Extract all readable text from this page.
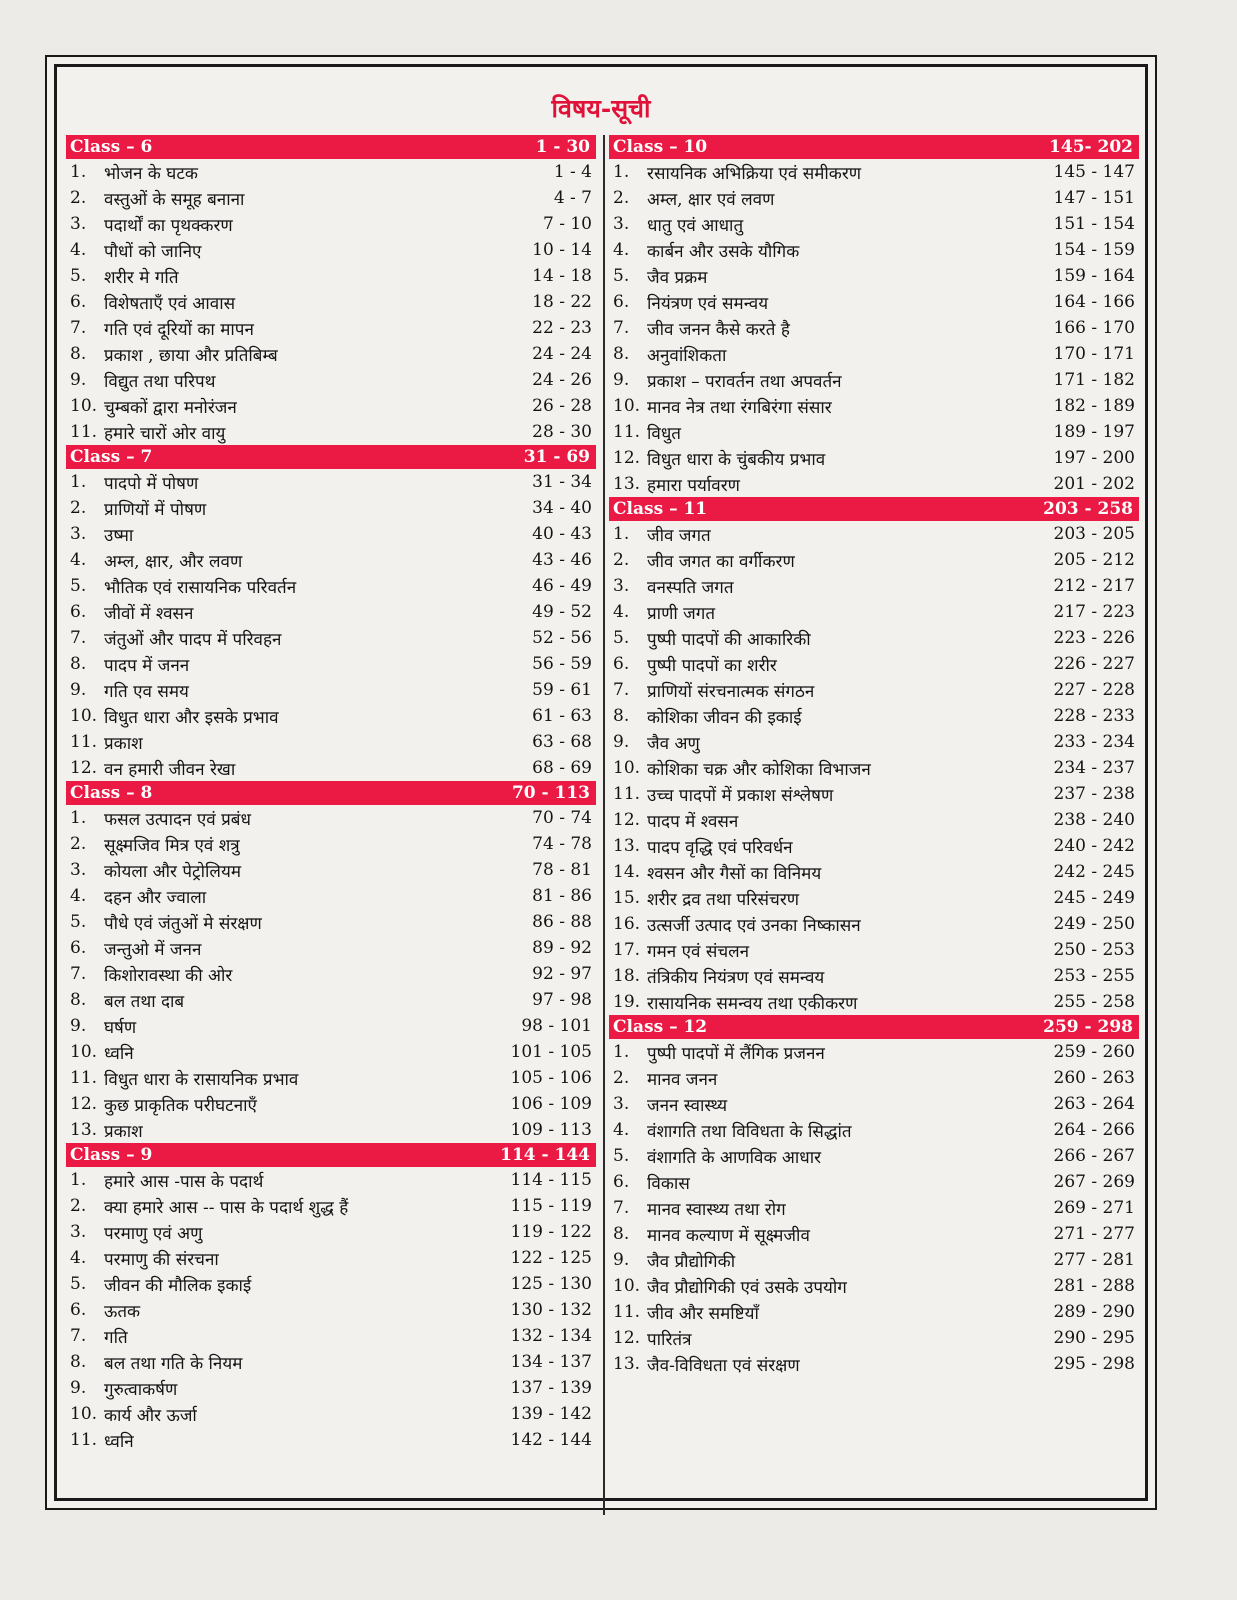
विषय-सूची
Class – 6	1 - 30
1.	भोजन के घटक	1 - 4
2.	वस्तुओं के समूह बनाना	4 - 7
3.	पदार्थों का पृथक्करण	7 - 10
4.	पौधों को जानिए	10 - 14
5.	शरीर मे गति	14 - 18
6.	विशेषताएँ एवं आवास	18 - 22
7.	गति एवं दूरियों का मापन	22 - 23
8.	प्रकाश , छाया और प्रतिबिम्ब	24 - 24
9.	विद्युत तथा परिपथ	24 - 26
10. चुम्बकों द्वारा मनोरंजन	26 - 28
11. हमारे चारों ओर वायु	28 - 30
Class – 7	31 - 69
1.	पादपो में पोषण	31 - 34
2.	प्राणियों में पोषण	34 - 40
3.	उष्मा	40 - 43
4.	अम्ल, क्षार, और लवण	43 - 46
5.	भौतिक एवं रासायनिक परिवर्तन	46 - 49
6.	जीवों में श्वसन	49 - 52
7.	जंतुओं और पादप में परिवहन	52 - 56
8.	पादप में जनन	56 - 59
9.	गति एव समय	59 - 61
10. विधुत धारा और इसके प्रभाव	61 - 63
11. प्रकाश	63 - 68
12. वन हमारी जीवन रेखा	68 - 69
Class – 8	70 - 113
1.	फसल उत्पादन एवं प्रबंध	70 - 74
2.	सूक्ष्मजिव मित्र एवं शत्रु	74 - 78
3.	कोयला और पेट्रोलियम	78 - 81
4.	दहन और ज्वाला	81 - 86
5.	पौधे एवं जंतुओं मे संरक्षण	86 - 88
6.	जन्तुओ में जनन	89 - 92
7.	किशोरावस्था की ओर	92 - 97
8.	बल तथा दाब	97 - 98
9.	घर्षण	98 - 101
10. ध्वनि	101 - 105
11. विधुत धारा के रासायनिक प्रभाव	105 - 106
12. कुछ प्राकृतिक परीघटनाएँ	106 - 109
13. प्रकाश	109 - 113
Class – 9	114 - 144
1.	हमारे आस -पास के पदार्थ	114 - 115
2.	क्या हमारे आस -- पास के पदार्थ शुद्ध हैं	115 - 119
3.	परमाणु एवं अणु	119 - 122
4.	परमाणु की संरचना	122 - 125
5.	जीवन की मौलिक इकाई	125 - 130
6.	ऊतक	130 - 132
7.	गति	132 - 134
8.	बल तथा गति के नियम	134 - 137
9.	गुरुत्वाकर्षण	137 - 139
10. कार्य और ऊर्जा	139 - 142
11. ध्वनि	142 - 144
Class – 10	145- 202
1.	रसायनिक अभिक्रिया एवं समीकरण	145 - 147
2.	अम्ल, क्षार एवं लवण	147 - 151
3.	धातु एवं आधातु	151 - 154
4.	कार्बन और उसके यौगिक	154 - 159
5.	जैव प्रक्रम	159 - 164
6.	नियंत्रण एवं समन्वय	164 - 166
7.	जीव जनन कैसे करते है	166 - 170
8.	अनुवांशिकता	170 - 171
9.	प्रकाश – परावर्तन तथा अपवर्तन	171 - 182
10. मानव नेत्र तथा रंगबिरंगा संसार	182 - 189
11. विधुत	189 - 197
12. विधुत धारा के चुंबकीय प्रभाव	197 - 200
13. हमारा पर्यावरण	201 - 202
Class – 11	203 - 258
1.	जीव जगत	203 - 205
2.	जीव जगत का वर्गीकरण	205 - 212
3.	वनस्पति जगत	212 - 217
4.	प्राणी जगत	217 - 223
5.	पुष्पी पादपों की आकारिकी	223 - 226
6.	पुष्पी पादपों का शरीर	226 - 227
7.	प्राणियों संरचनात्मक संगठन	227 - 228
8.	कोशिका जीवन की इकाई	228 - 233
9.	जैव अणु	233 - 234
10. कोशिका चक्र और कोशिका विभाजन	234 - 237
11. उच्च पादपों में प्रकाश संश्लेषण	237 - 238
12. पादप में श्वसन	238 - 240
13. पादप वृद्धि एवं परिवर्धन	240 - 242
14. श्वसन और गैसों का विनिमय	242 - 245
15. शरीर द्रव तथा परिसंचरण	245 - 249
16. उत्सर्जी उत्पाद एवं उनका निष्कासन	249 - 250
17. गमन एवं संचलन	250 - 253
18. तंत्रिकीय नियंत्रण एवं समन्वय	253 - 255
19. रासायनिक समन्वय तथा एकीकरण	255 - 258
Class – 12	259 - 298
1.	पुष्पी पादपों में लैंगिक प्रजनन	259 - 260
2.	मानव जनन	260 - 263
3.	जनन स्वास्थ्य	263 - 264
4.	वंशागति तथा विविधता के सिद्धांत	264 - 266
5.	वंशागति के आणविक आधार	266 - 267
6.	विकास	267 - 269
7.	मानव स्वास्थ्य तथा रोग	269 - 271
8.	मानव कल्याण में सूक्ष्मजीव	271 - 277
9.	जैव प्रौद्योगिकी	277 - 281
10. जैव प्रौद्योगिकी एवं उसके उपयोग	281 - 288
11. जीव और समष्टियाँ	289 - 290
12. पारितंत्र	290 - 295
13. जैव-विविधता एवं संरक्षण	295 - 298
